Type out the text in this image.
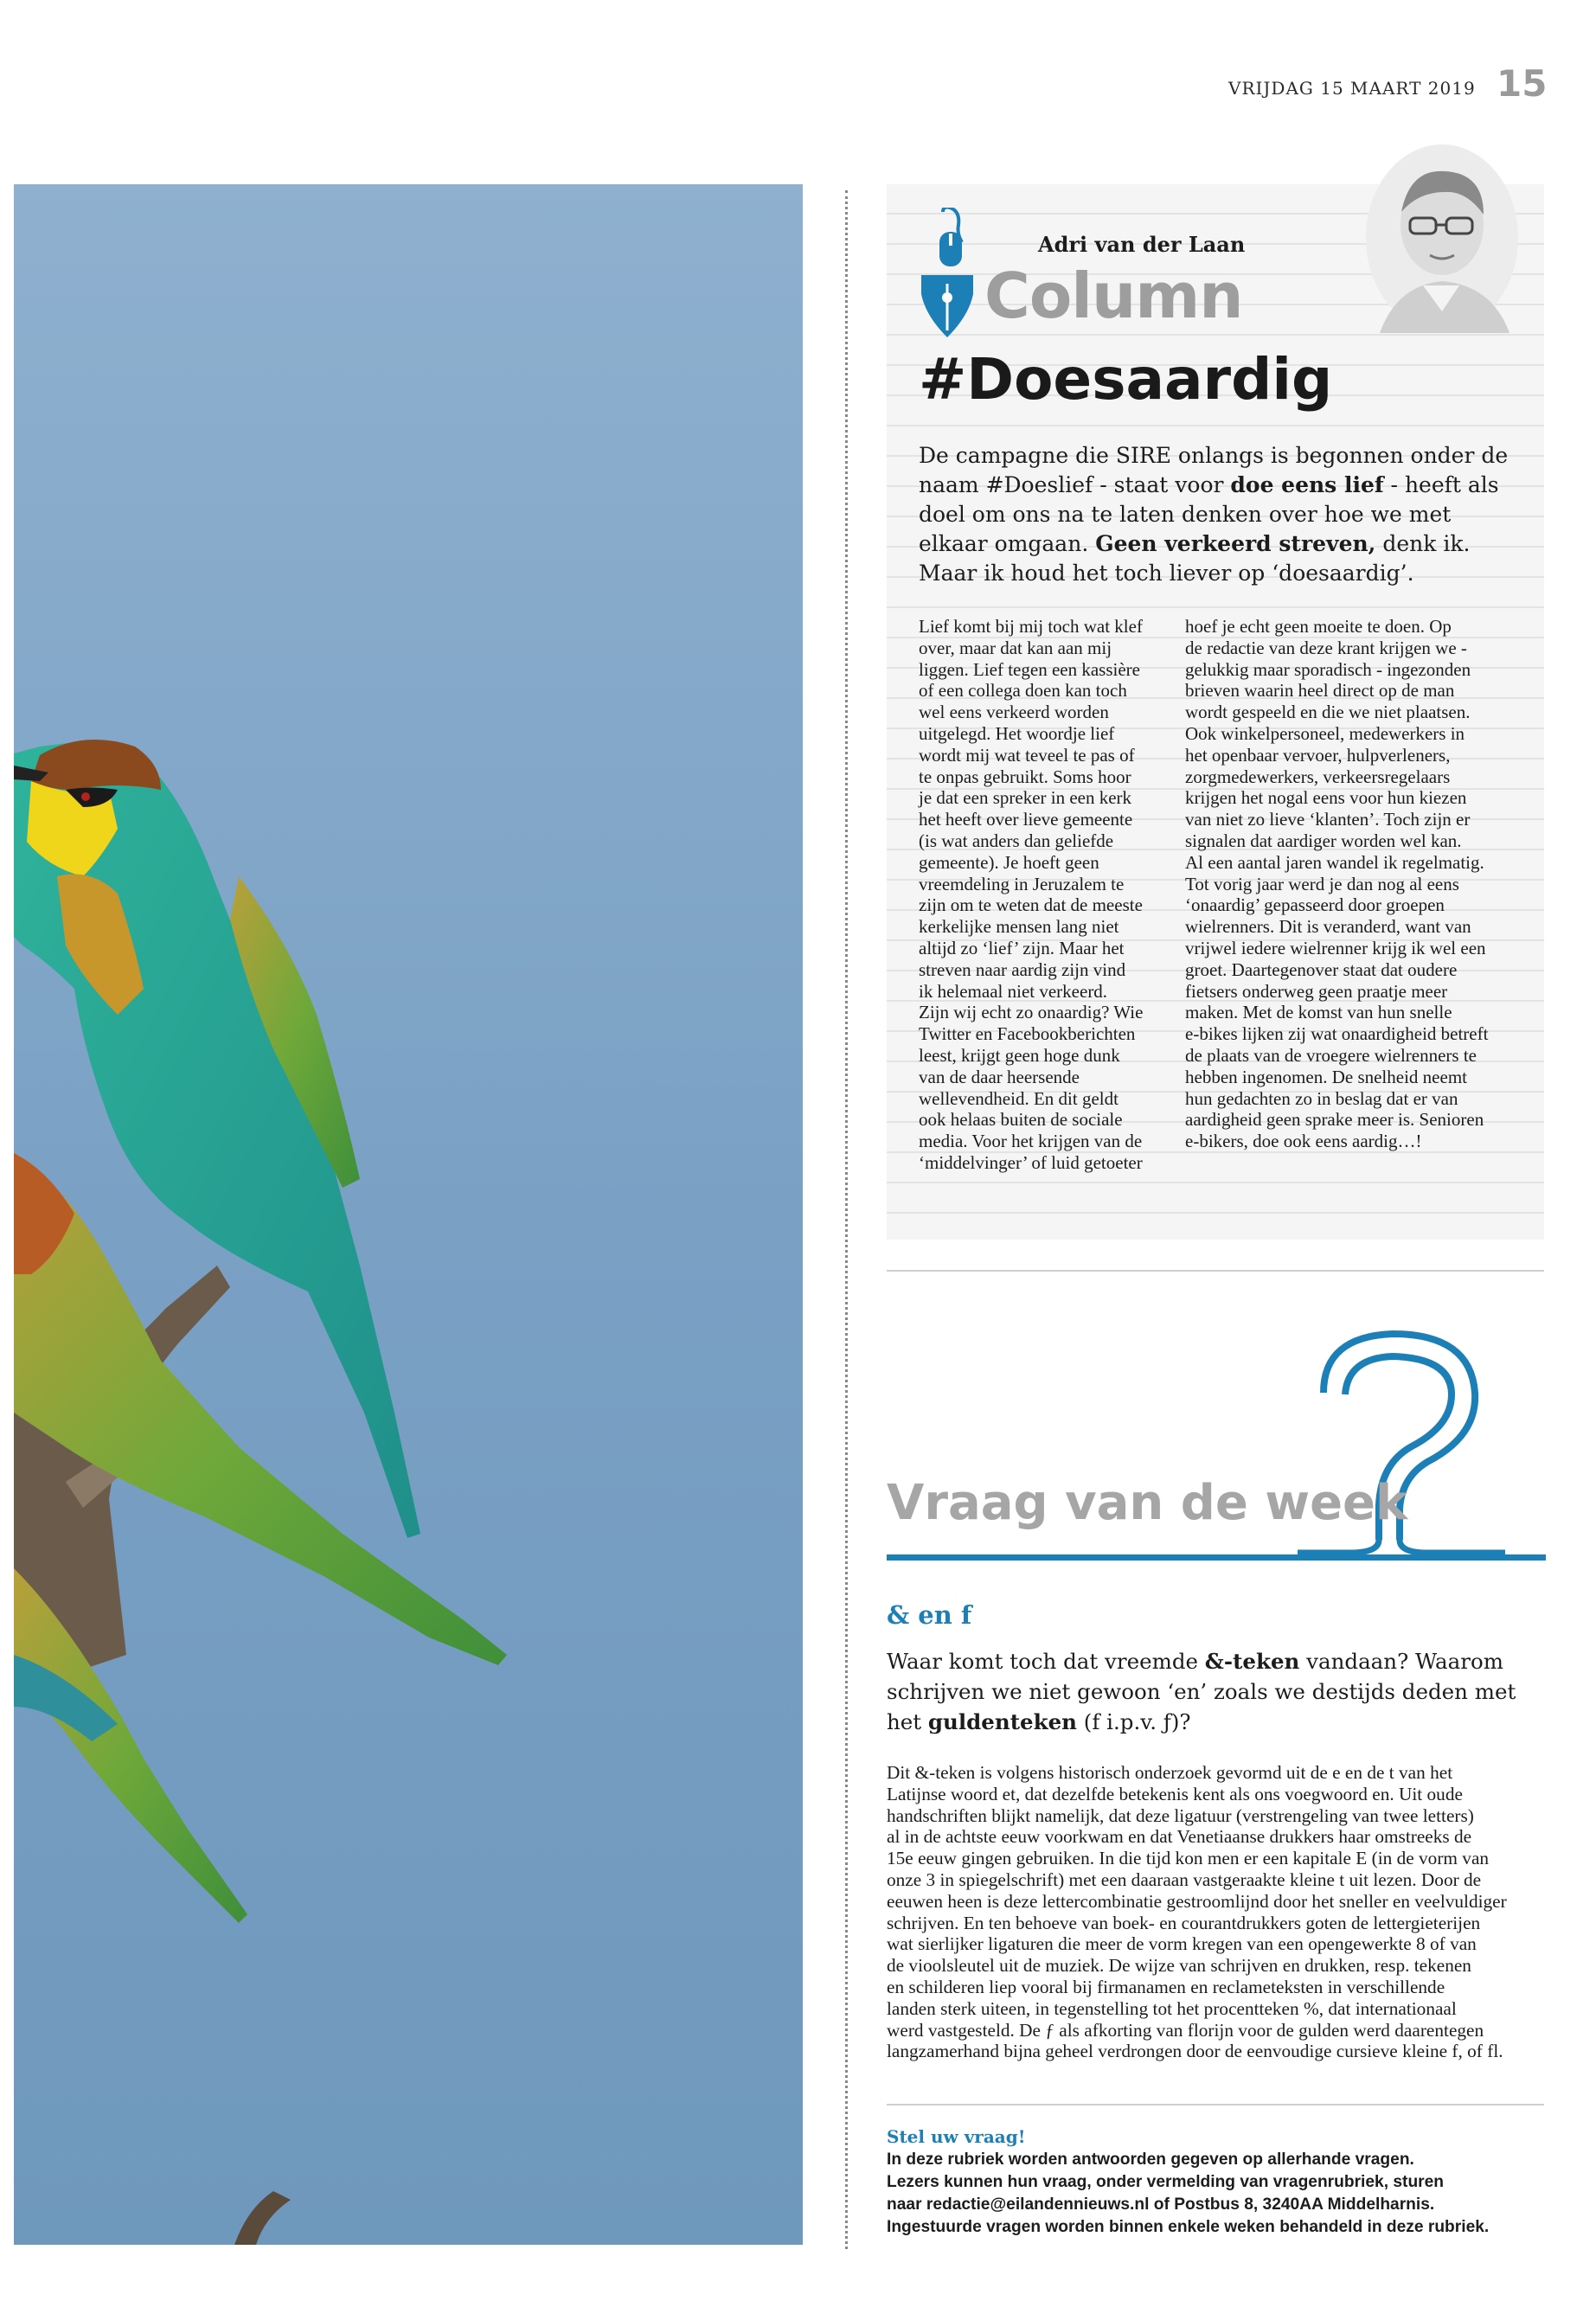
VRIJDAG 15 MAART 2019 15
Adri van der Laan
Column
#Doesaardig
De campagne die SIRE onlangs is begonnen onder de naam #Doeslief - staat voor doe eens lief - heeft als doel om ons na te laten denken over hoe we met elkaar omgaan. Geen verkeerd streven, denk ik. Maar ik houd het toch liever op ‘doesaardig’.
Lief komt bij mij toch wat klef
over, maar dat kan aan mij
liggen. Lief tegen een kassière
of een collega doen kan toch
wel eens verkeerd worden
uitgelegd. Het woordje lief
wordt mij wat teveel te pas of
te onpas gebruikt. Soms hoor
je dat een spreker in een kerk
het heeft over lieve gemeente
(is wat anders dan geliefde
gemeente). Je hoeft geen
vreemdeling in Jeruzalem te
zijn om te weten dat de meeste
kerkelijke mensen lang niet
altijd zo ‘lief’ zijn. Maar het
streven naar aardig zijn vind
ik helemaal niet verkeerd.
Zijn wij echt zo onaardig? Wie
Twitter en Facebookberichten
leest, krijgt geen hoge dunk
van de daar heersende
wellevendheid. En dit geldt
ook helaas buiten de sociale
media. Voor het krijgen van de
‘middelvinger’ of luid getoeter
hoef je echt geen moeite te doen. Op
de redactie van deze krant krijgen we -
gelukkig maar sporadisch - ingezonden
brieven waarin heel direct op de man
wordt gespeeld en die we niet plaatsen.
Ook winkelpersoneel, medewerkers in
het openbaar vervoer, hulpverleners,
zorgmedewerkers, verkeersregelaars
krijgen het nogal eens voor hun kiezen
van niet zo lieve ‘klanten’. Toch zijn er
signalen dat aardiger worden wel kan.
Al een aantal jaren wandel ik regelmatig.
Tot vorig jaar werd je dan nog al eens
‘onaardig’ gepasseerd door groepen
wielrenners. Dit is veranderd, want van
vrijwel iedere wielrenner krijg ik wel een
groet. Daartegenover staat dat oudere
fietsers onderweg geen praatje meer
maken. Met de komst van hun snelle
e-bikes lijken zij wat onaardigheid betreft
de plaats van de vroegere wielrenners te
hebben ingenomen. De snelheid neemt
hun gedachten zo in beslag dat er van
aardigheid geen sprake meer is. Senioren
e-bikers, doe ook eens aardig…!
Vraag van de week
& en f
Waar komt toch dat vreemde &-teken vandaan? Waarom schrijven we niet gewoon ‘en’ zoals we destijds deden met het guldenteken (f i.p.v. ƒ)?
Dit &-teken is volgens historisch onderzoek gevormd uit de e en de t van het
Latijnse woord et, dat dezelfde betekenis kent als ons voegwoord en. Uit oude
handschriften blijkt namelijk, dat deze ligatuur (verstrengeling van twee letters)
al in de achtste eeuw voorkwam en dat Venetiaanse drukkers haar omstreeks de
15e eeuw gingen gebruiken. In die tijd kon men er een kapitale E (in de vorm van
onze 3 in spiegelschrift) met een daaraan vastgeraakte kleine t uit lezen. Door de
eeuwen heen is deze lettercombinatie gestroomlijnd door het sneller en veelvuldiger
schrijven. En ten behoeve van boek- en courantdrukkers goten de lettergieterijen
wat sierlijker ligaturen die meer de vorm kregen van een opengewerkte 8 of van
de vioolsleutel uit de muziek. De wijze van schrijven en drukken, resp. tekenen
en schilderen liep vooral bij firmanamen en reclameteksten in verschillende
landen sterk uiteen, in tegenstelling tot het procentteken %, dat internationaal
werd vastgesteld. De ƒ als afkorting van florijn voor de gulden werd daarentegen
langzamerhand bijna geheel verdrongen door de eenvoudige cursieve kleine f, of fl.
Stel uw vraag!
In deze rubriek worden antwoorden gegeven op allerhande vragen.
Lezers kunnen hun vraag, onder vermelding van vragenrubriek, sturen
naar redactie@eilandennieuws.nl of Postbus 8, 3240AA Middelharnis.
Ingestuurde vragen worden binnen enkele weken behandeld in deze rubriek.
